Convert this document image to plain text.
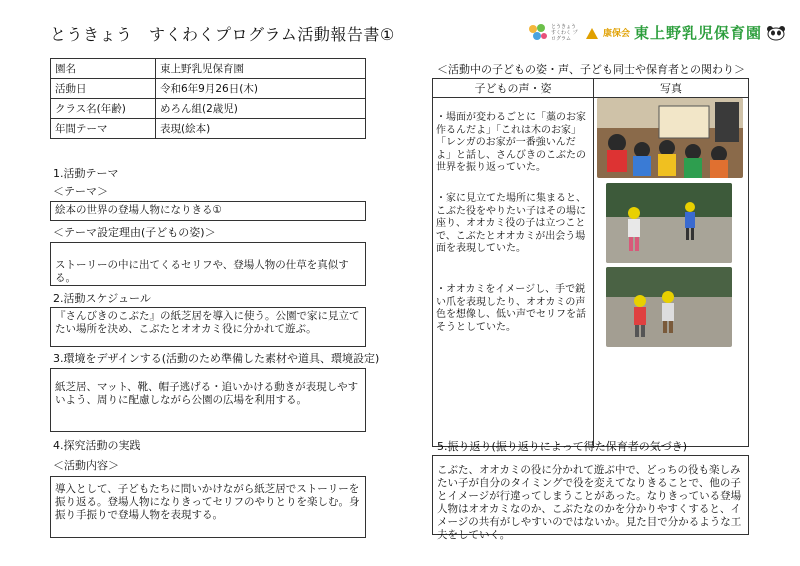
とうきょう　すくわくプログラム活動報告書①	とうきょう すくわく プログラム	康保会 東上野乳児保育園
園名	東上野乳児保育園
活動日	令和6年9月26日(木)
クラス名(年齢)	めろん組(2歳児)
年間テーマ	表現(絵本)
1.活動テーマ
＜テーマ＞
絵本の世界の登場人物になりきる①
＜テーマ設定理由(子どもの姿)＞
ストーリーの中に出てくるセリフや、登場人物の仕草を真似する。
2.活動スケジュール
『さんびきのこぶた』の紙芝居を導入に使う。公園で家に見立てたい場所を決め、こぶたとオオカミ役に分かれて遊ぶ。
3.環境をデザインする(活動のため準備した素材や道具、環境設定)
紙芝居、マット、靴、帽子逃げる・追いかける動きが表現しやすいよう、周りに配慮しながら公園の広場を利用する。
4.探究活動の実践
＜活動内容＞
導入として、子どもたちに問いかけながら紙芝居でストーリーを振り返る。登場人物になりきってセリフのやりとりを楽しむ。身振り手振りで登場人物を表現する。
＜活動中の子どもの姿・声、子ども同士や保育者との関わり＞
子どもの声・姿	写真

・場面が変わるごとに「藁のお家作るんだよ」「これは木のお家」「レンガのお家が一番強いんだよ」と話し、さんびきのこぶたの世界を振り返っていた。
・家に見立てた場所に集まると、こぶた役をやりたい子はその場に座り、オオカミ役の子は立つことで、こぶたとオオカミが出会う場面を表現していた。
・オオカミをイメージし、手で鋭い爪を表現したり、オオカミの声色を想像し、低い声でセリフを話そうとしていた。
5.振り返り(振り返りによって得た保育者の気づき)
こぶた、オオカミの役に分かれて遊ぶ中で、どっちの役も楽しみたい子が自分のタイミングで役を変えてなりきることで、他の子とイメージが行違ってしまうことがあった。なりきっている登場人物はオオカミなのか、こぶたなのかを分かりやすくすると、イメージの共有がしやすいのではないか。見た目で分かるような工夫をしていく。
